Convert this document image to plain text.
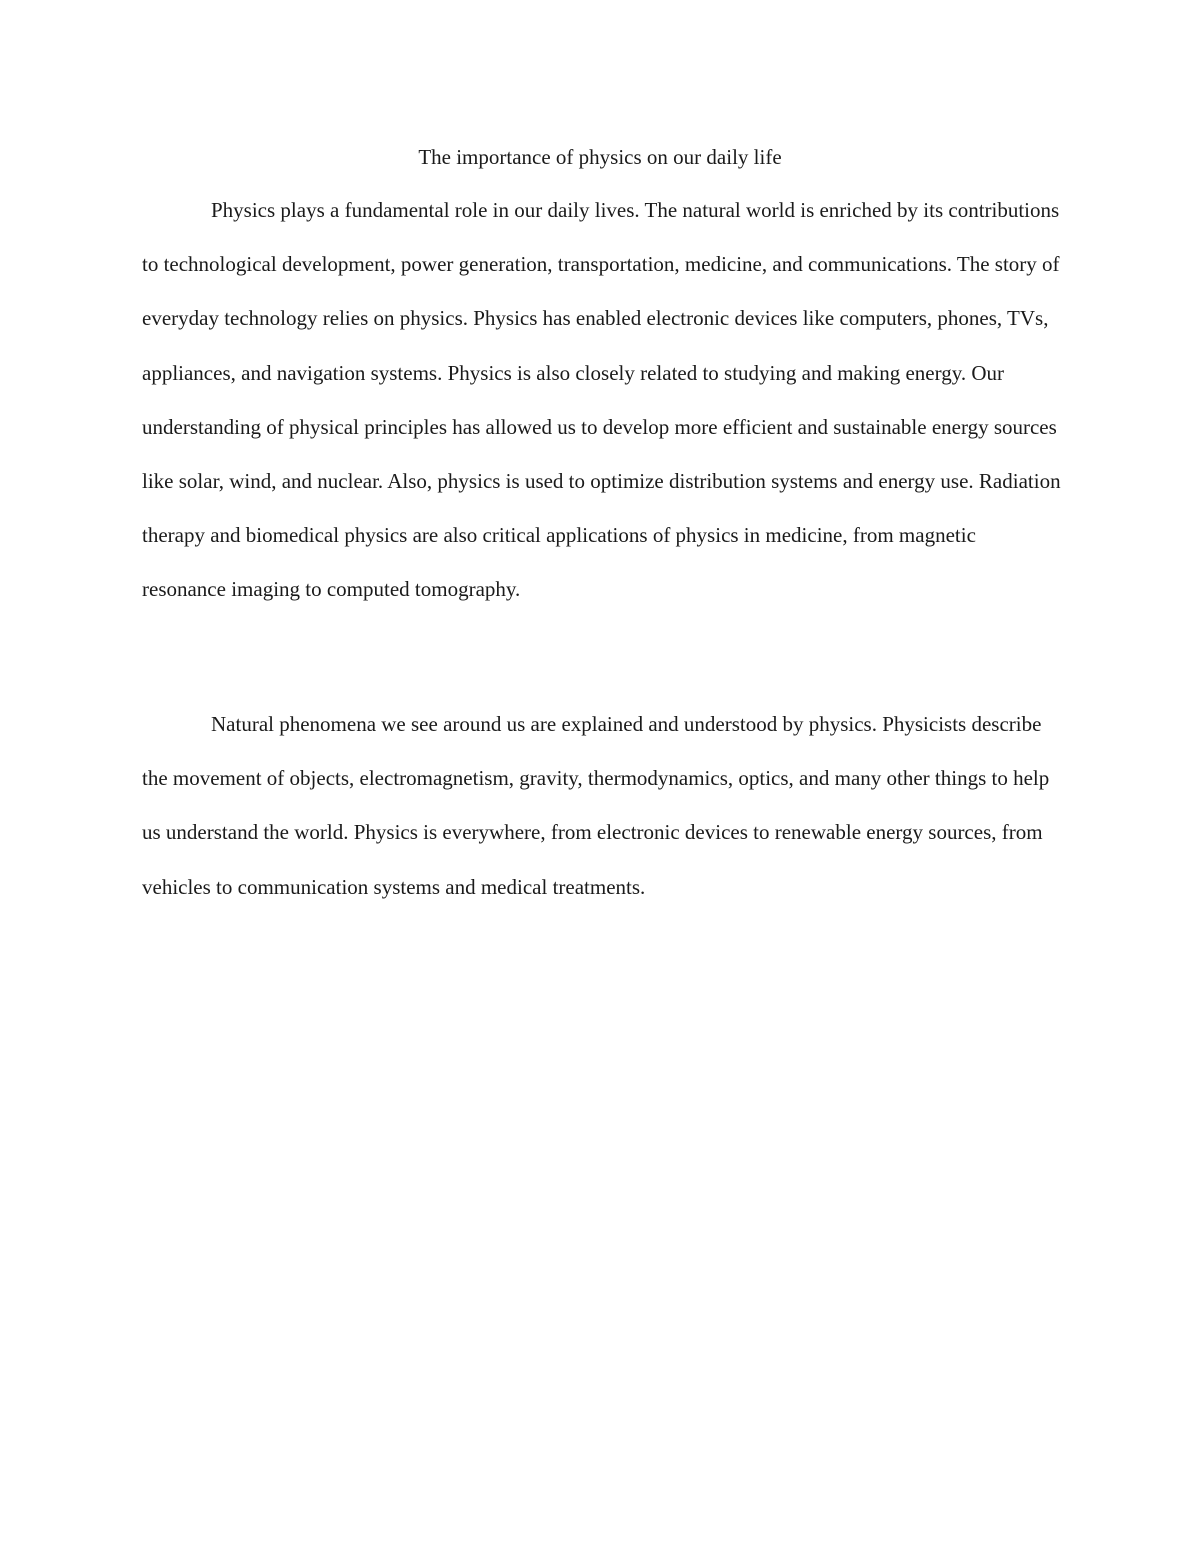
The importance of physics on our daily life

Physics plays a fundamental role in our daily lives. The natural world is enriched by its contributions to technological development, power generation, transportation, medicine, and communications. The story of everyday technology relies on physics. Physics has enabled electronic devices like computers, phones, TVs, appliances, and navigation systems. Physics is also closely related to studying and making energy. Our understanding of physical principles has allowed us to develop more efficient and sustainable energy sources like solar, wind, and nuclear. Also, physics is used to optimize distribution systems and energy use. Radiation therapy and biomedical physics are also critical applications of physics in medicine, from magnetic resonance imaging to computed tomography.

Natural phenomena we see around us are explained and understood by physics. Physicists describe the movement of objects, electromagnetism, gravity, thermodynamics, optics, and many other things to help us understand the world. Physics is everywhere, from electronic devices to renewable energy sources, from vehicles to communication systems and medical treatments.
